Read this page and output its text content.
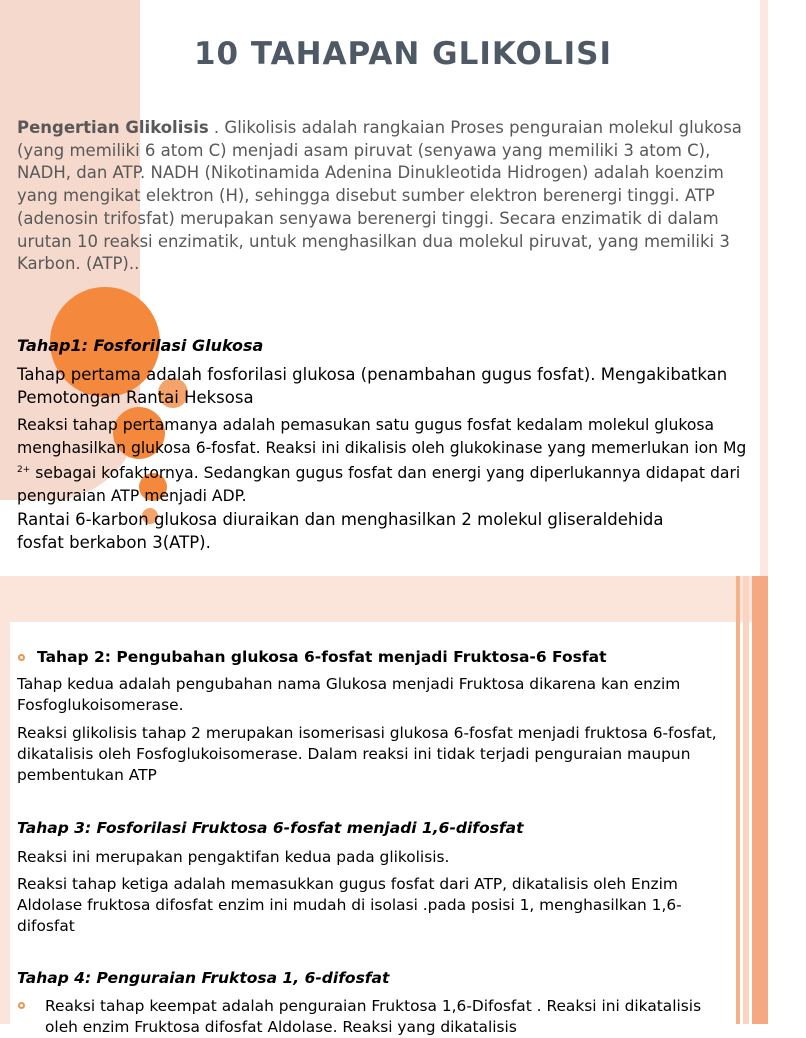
10 TAHAPAN GLIKOLISI
Pengertian Glikolisis . Glikolisis adalah rangkaian Proses penguraian molekul glukosa (yang memiliki 6 atom C) menjadi asam piruvat (senyawa yang memiliki 3 atom C), NADH, dan ATP. NADH (Nikotinamida Adenina Dinukleotida Hidrogen) adalah koenzim yang mengikat elektron (H), sehingga disebut sumber elektron berenergi tinggi. ATP (adenosin trifosfat) merupakan senyawa berenergi tinggi. Secara enzimatik di dalam urutan 10 reaksi enzimatik, untuk menghasilkan dua molekul piruvat, yang memiliki 3 Karbon. (ATP)..
Tahap1: Fosforilasi Glukosa
Tahap pertama adalah fosforilasi glukosa (penambahan gugus fosfat). Mengakibatkan Pemotongan Rantai Heksosa
Reaksi tahap pertamanya adalah pemasukan satu gugus fosfat kedalam molekul glukosa menghasilkan glukosa 6-fosfat. Reaksi ini dikalisis oleh glukokinase yang memerlukan ion Mg $^{2+}$ sebagai kofaktornya. Sedangkan gugus fosfat dan energi yang diperlukannya didapat dari penguraian ATP menjadi ADP.
Rantai 6-karbon glukosa diuraikan dan menghasilkan 2 molekul gliseraldehida fosfat berkabon 3(ATP).
Tahap 2: Pengubahan glukosa 6-fosfat menjadi Fruktosa-6 Fosfat
Tahap kedua adalah pengubahan nama Glukosa menjadi Fruktosa dikarena kan enzim Fosfoglukoisomerase.
Reaksi glikolisis tahap 2 merupakan isomerisasi glukosa 6-fosfat menjadi fruktosa 6-fosfat, dikatalisis oleh Fosfoglukoisomerase. Dalam reaksi ini tidak terjadi penguraian maupun pembentukan ATP
Tahap 3: Fosforilasi Fruktosa 6-fosfat menjadi 1,6-difosfat
Reaksi ini merupakan pengaktifan kedua pada glikolisis.
Reaksi tahap ketiga adalah memasukkan gugus fosfat dari ATP, dikatalisis oleh Enzim Aldolase fruktosa difosfat enzim ini mudah di isolasi .pada posisi 1, menghasilkan 1,6- difosfat
Tahap 4: Penguraian Fruktosa 1, 6-difosfat
Reaksi tahap keempat adalah penguraian Fruktosa 1,6-Difosfat . Reaksi ini dikatalisis oleh enzim Fruktosa difosfat Aldolase. Reaksi yang dikatalisis
